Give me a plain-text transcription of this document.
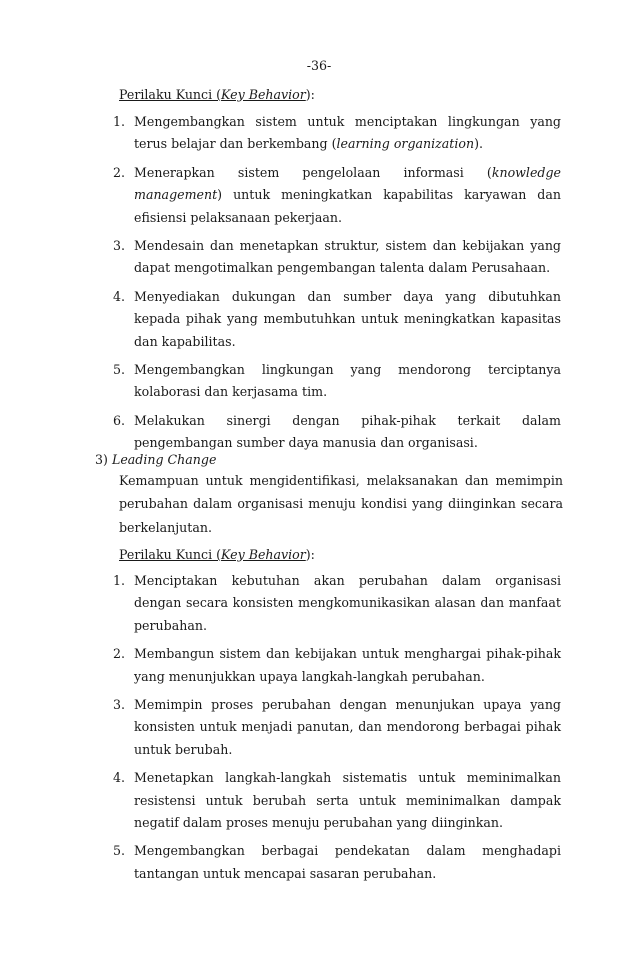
-36-
Perilaku Kunci (Key Behavior):
1. Mengembangkan sistem untuk menciptakan lingkungan yang terus belajar dan berkembang (learning organization).
2. Menerapkan sistem pengelolaan informasi (knowledge management) untuk meningkatkan kapabilitas karyawan dan efisiensi pelaksanaan pekerjaan.
3. Mendesain dan menetapkan struktur, sistem dan kebijakan yang dapat mengotimalkan pengembangan talenta dalam Perusahaan.
4. Menyediakan dukungan dan sumber daya yang dibutuhkan kepada pihak yang membutuhkan untuk meningkatkan kapasitas dan kapabilitas.
5. Mengembangkan lingkungan yang mendorong terciptanya kolaborasi dan kerjasama tim.
6. Melakukan sinergi dengan pihak-pihak terkait dalam pengembangan sumber daya manusia dan organisasi.
3) Leading Change

Kemampuan untuk mengidentifikasi, melaksanakan dan memimpin perubahan dalam organisasi menuju kondisi yang diinginkan secara berkelanjutan.

Perilaku Kunci (Key Behavior):
1. Menciptakan kebutuhan akan perubahan dalam organisasi dengan secara konsisten mengkomunikasikan alasan dan manfaat perubahan.
2. Membangun sistem dan kebijakan untuk menghargai pihak-pihak yang menunjukkan upaya langkah-langkah perubahan.
3. Memimpin proses perubahan dengan menunjukan upaya yang konsisten untuk menjadi panutan, dan mendorong berbagai pihak untuk berubah.
4. Menetapkan langkah-langkah sistematis untuk meminimalkan resistensi untuk berubah serta untuk meminimalkan dampak negatif dalam proses menuju perubahan yang diinginkan.
5. Mengembangkan berbagai pendekatan dalam menghadapi tantangan untuk mencapai sasaran perubahan.
